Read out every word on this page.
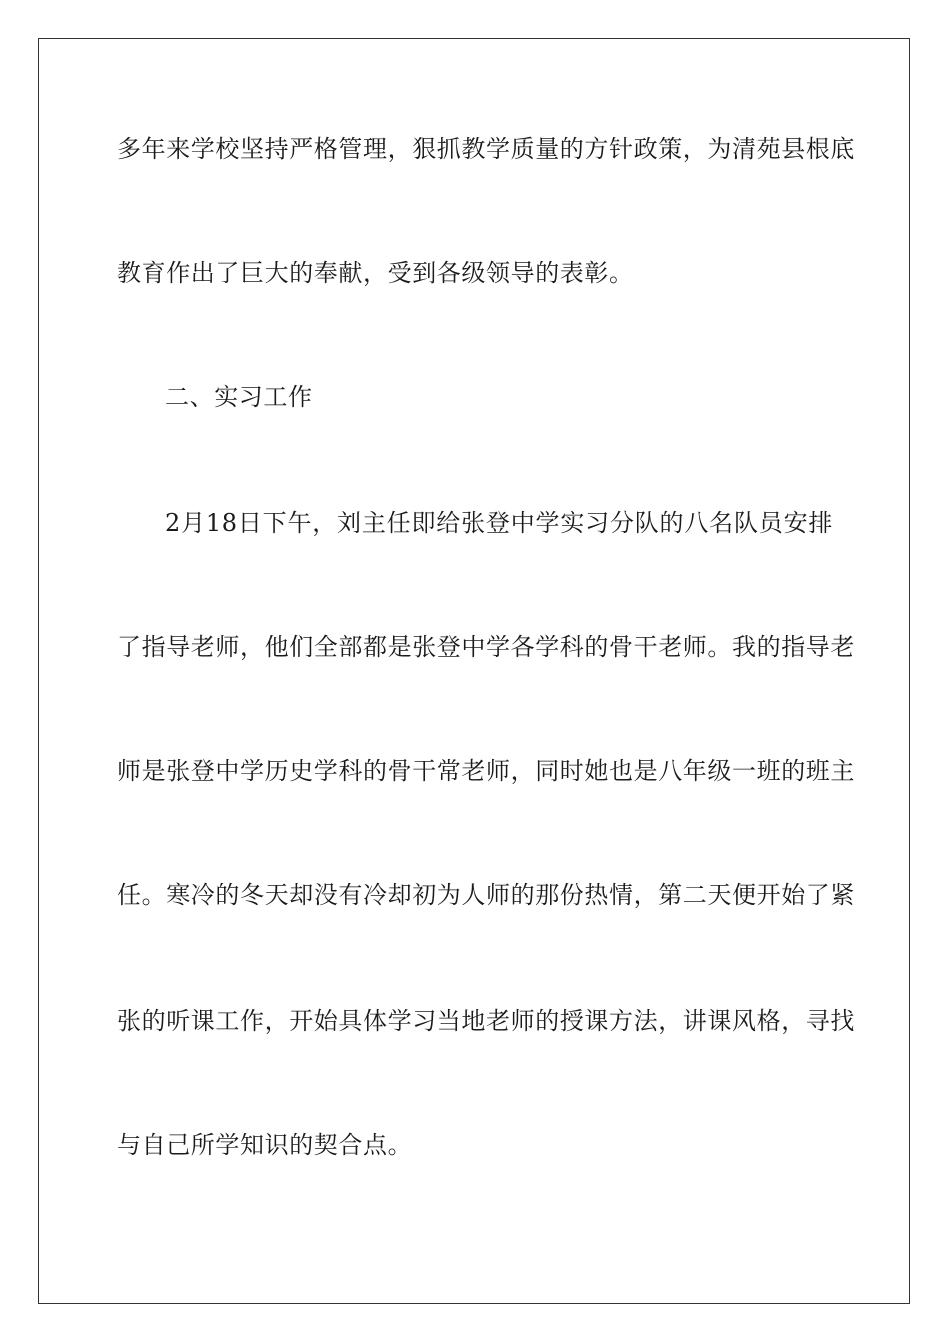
多年来学校坚持严格管理，狠抓教学质量的方针政策，为清苑县根底
教育作出了巨大的奉献，受到各级领导的表彰。
二、实习工作
2月18日下午，刘主任即给张登中学实习分队的八名队员安排
了指导老师，他们全部都是张登中学各学科的骨干老师。我的指导老
师是张登中学历史学科的骨干常老师，同时她也是八年级一班的班主
任。寒冷的冬天却没有冷却初为人师的那份热情，第二天便开始了紧
张的听课工作，开始具体学习当地老师的授课方法，讲课风格，寻找
与自己所学知识的契合点。
